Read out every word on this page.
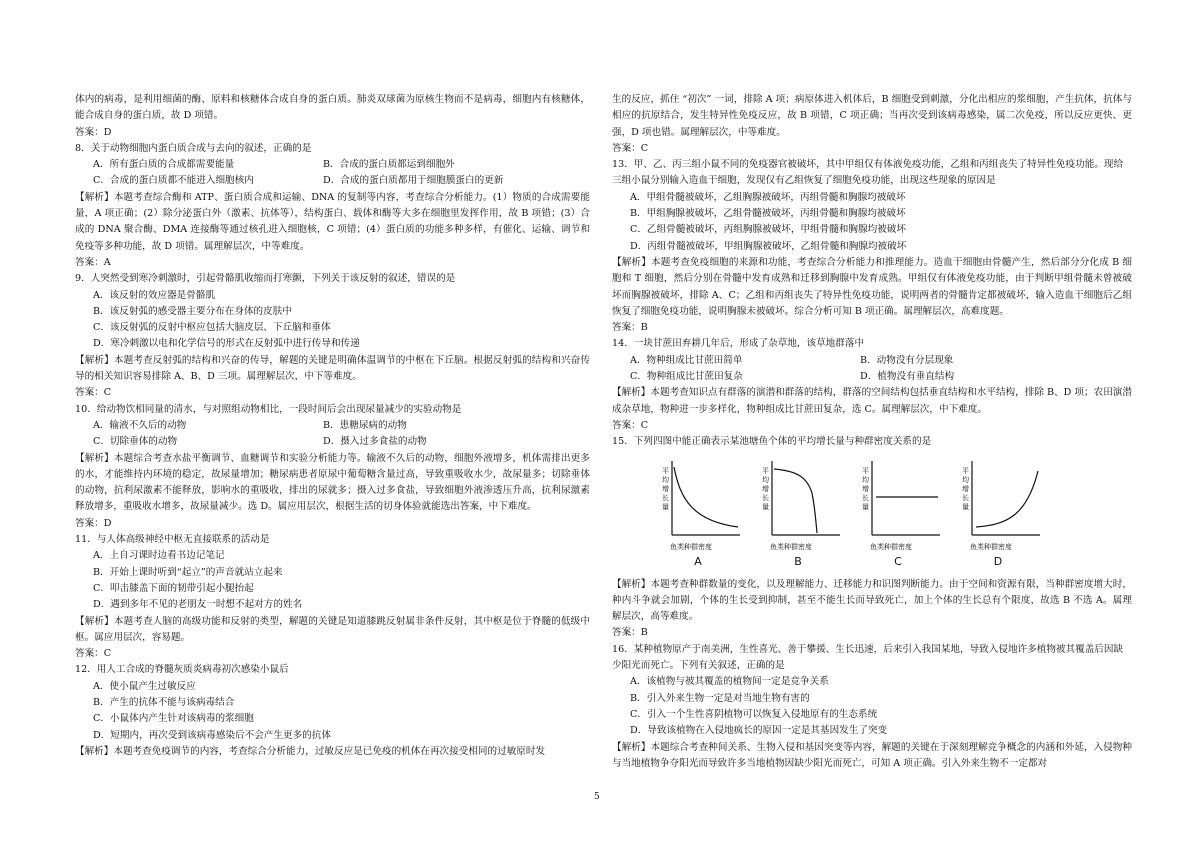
体内的病毒，是利用细菌的酶、原料和核糖体合成自身的蛋白质。肺炎双球菌为原核生物而不是病毒，细胞内有核糖体，能合成自身的蛋白质，故 D 项错。

答案：D

8．关于动物细胞内蛋白质合成与去向的叙述，正确的是

A．所有蛋白质的合成都需要能量	B．合成的蛋白质都运到细胞外

C．合成的蛋白质都不能进入细胞核内	D．合成的蛋白质都用于细胞膜蛋白的更新

【解析】本题考查综合酶和 ATP、蛋白质合成和运输、DNA 的复制等内容，考查综合分析能力。(1）物质的合成需要能量，A 项正确；(2）除分泌蛋白外（激素、抗体等），结构蛋白、载体和酶等大多在细胞里发挥作用，故 B 项错；(3）合成的 DNA 聚合酶、DMA 连接酶等通过核孔进入细胞核，C 项错；(4）蛋白质的功能多种多样，有催化、运输、调节和免疫等多种功能，故 D 项错。属理解层次，中等难度。

答案：A

9．人突然受到寒冷刺激时，引起骨骼肌收缩而打寒颤，下列关于该反射的叙述，错误的是

A．该反射的效应器是骨骼肌

B．该反射弧的感受器主要分布在身体的皮肤中

C．该反射弧的反射中枢应包括大脑皮层、下丘脑和垂体

D．寒冷刺激以电和化学信号的形式在反射弧中进行传导和传递

【解析】本题考查反射弧的结构和兴奋的传导，解题的关键是明确体温调节的中枢在下丘脑。根据反射弧的结构和兴奋传导的相关知识容易排除 A、B、D 三项。属理解层次，中下等难度。

答案：C

10．给动物饮相同量的清水，与对照组动物相比，一段时间后会出现尿量减少的实验动物是

A．输液不久后的动物	B．患糖尿病的动物

C．切除垂体的动物	D．摄入过多食盐的动物

【解析】本题综合考查水盐平衡调节、血糖调节和实验分析能力等。输液不久后的动物，细胞外液增多，机体需排出更多的水，才能维持内环境的稳定，故尿量增加；糖尿病患者原尿中葡萄糖含量过高，导致重吸收水少，故尿量多；切除垂体的动物，抗利尿激素不能释放，影响水的重吸收，排出的尿就多；摄入过多食盐，导致细胞外液渗透压升高，抗利尿激素释放增多，重吸收水增多，故尿量减少。选 D。属应用层次，根据生活的切身体验就能选出答案，中下难度。

答案：D

11．与人体高级神经中枢无直接联系的活动是

A．上自习课时边看书边记笔记

B．开始上课时听到“起立”的声音就站立起来

C．叩击膝盖下面的韧带引起小腿抬起

D．遇到多年不见的老朋友一时想不起对方的姓名

【解析】本题考查人脑的高级功能和反射的类型，解题的关键是知道膝跳反射属非条件反射，其中枢是位于脊髓的低级中枢。属应用层次，容易题。

答案：C

12．用人工合成的脊髓灰质炎病毒初次感染小鼠后

A．使小鼠产生过敏反应

B．产生的抗体不能与该病毒结合

C．小鼠体内产生针对该病毒的浆细胞

D．短期内，再次受到该病毒感染后不会产生更多的抗体

【解析】本题考查免疫调节的内容，考查综合分析能力，过敏反应是已免疫的机体在再次接受相同的过敏原时发

生的反应，抓住 “初次” 一词，排除 A 项；病原体进入机体后，B 细胞受到刺激，分化出相应的浆细胞，产生抗体，抗体与相应的抗原结合，发生特异性免疫反应，故 B 项错，C 项正确；当再次受到该病毒感染，属二次免疫，所以反应更快、更强，D 项也错。属理解层次，中等难度。

答案：C

13．甲、乙、丙三组小鼠不同的免疫器官被破坏，其中甲组仅有体液免疫功能，乙组和丙组丧失了特异性免疫功能。现给三组小鼠分别输入造血干细胞，发现仅有乙组恢复了细胞免疫功能，出现这些现象的原因是

A．甲组骨髓被破坏，乙组胸腺被破坏，丙组骨髓和胸腺均被破坏

B．甲组胸腺被破坏，乙组骨髓被破坏，丙组骨髓和胸腺均被破坏

C．乙组骨髓被破坏，丙组胸腺被破坏，甲组骨髓和胸腺均被破坏

D．丙组骨髓被破坏，甲组胸腺被破坏，乙组骨髓和胸腺均被破坏

【解析】本题考查免疫细胞的来源和功能，考查综合分析能力和推理能力。造血干细胞由骨髓产生，然后部分分化成 B 细胞和 T 细胞，然后分别在骨髓中发育成熟和迁移到胸腺中发育成熟。甲组仅有体液免疫功能，由于判断甲组骨髓未曾被破坏而胸腺被破坏，排除 A、C；乙组和丙组丧失了特异性免疫功能，说明两者的骨髓肯定都被破坏，输入造血干细胞后乙组恢复了细胞免疫功能，说明胸腺未被破坏。综合分析可知 B 项正确。属理解层次，高难度题。

答案：B

14．一块甘蔗田弃耕几年后，形成了杂草地，该草地群落中

A．物种组成比甘蔗田简单	B．动物没有分层现象

C．物种组成比甘蔗田复杂	D．植物没有垂直结构

【解析】本题考查知识点有群落的演潜和群落的结构，群落的空间结构包括垂直结构和水平结构，排除 B、D 项；农田演潜成杂草地，物种进一步多样化，物种组成比甘蔗田复杂，选 C。属理解层次，中下难度。

答案：C

15．下列四图中能正确表示某池塘鱼个体的平均增长量与种群密度关系的是

平均增长量
鱼类种群密度
A
平均增长量
鱼类种群密度
B
平均增长量
鱼类种群密度
C
平均增长量
鱼类种群密度
D

【解析】本题考查种群数量的变化，以及理解能力、迁移能力和识图判断能力。由于空间和资源有限，当种群密度增大时，种内斗争就会加剧，个体的生长受到抑制，甚至不能生长而导致死亡，加上个体的生长总有个限度，故选 B 不选 A。属理解层次，高等难度。

答案：B

16．某种植物原产于南美洲，生性喜光、善于攀援、生长迅速，后来引入我国某地，导致入侵地许多植物被其覆盖后因缺少阳光而死亡。下列有关叙述，正确的是

A．该植物与被其覆盖的植物间一定是竞争关系

B．引入外来生物一定是对当地生物有害的

C．引入一个生性喜阴植物可以恢复入侵地原有的生态系统

D．导致该植物在入侵地疯长的原因一定是其基因发生了突变

【解析】本题综合考查种间关系、生物入侵和基因突变等内容，解题的关键在于深刻理解竞争概念的内涵和外延，入侵物种与当地植物争夺阳光而导致许多当地植物因缺少阳光而死亡，可知 A 项正确。引入外来生物不一定都对

5
